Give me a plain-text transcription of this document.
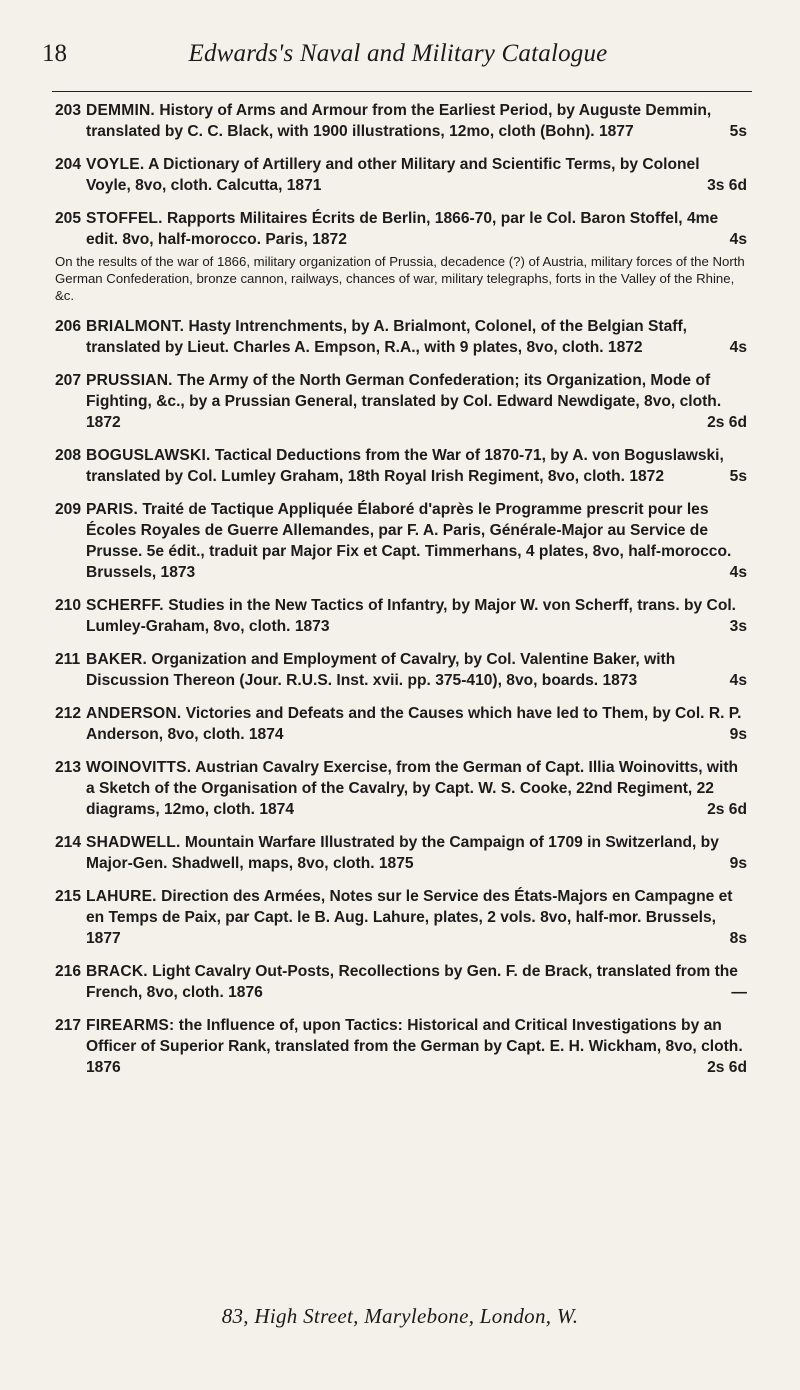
18	Edwards's Naval and Military Catalogue
203 DEMMIN. History of Arms and Armour from the Earliest Period, by Auguste Demmin, translated by C. C. Black, with 1900 illustrations, 12mo, cloth (Bohn). 1877	5s
204 VOYLE. A Dictionary of Artillery and other Military and Scientific Terms, by Colonel Voyle, 8vo, cloth. Calcutta, 1871	3s 6d
205 STOFFEL. Rapports Militaires Écrits de Berlin, 1866-70, par le Col. Baron Stoffel, 4me edit. 8vo, half-morocco. Paris, 1872	4s
On the results of the war of 1866, military organization of Prussia, decadence (?) of Austria, military forces of the North German Confederation, bronze cannon, railways, chances of war, military telegraphs, forts in the Valley of the Rhine, &c.
206 BRIALMONT. Hasty Intrenchments, by A. Brialmont, Colonel, of the Belgian Staff, translated by Lieut. Charles A. Empson, R.A., with 9 plates, 8vo, cloth. 1872	4s
207 PRUSSIAN. The Army of the North German Confederation; its Organization, Mode of Fighting, &c., by a Prussian General, translated by Col. Edward Newdigate, 8vo, cloth. 1872	2s 6d
208 BOGUSLAWSKI. Tactical Deductions from the War of 1870-71, by A. von Boguslawski, translated by Col. Lumley Graham, 18th Royal Irish Regiment, 8vo, cloth. 1872	5s
209 PARIS. Traité de Tactique Appliquée Élaboré d'après le Programme prescrit pour les Écoles Royales de Guerre Allemandes, par F. A. Paris, Générale-Major au Service de Prusse. 5e édit., traduit par Major Fix et Capt. Timmerhans, 4 plates, 8vo, half-morocco. Brussels, 1873	4s
210 SCHERFF. Studies in the New Tactics of Infantry, by Major W. von Scherff, trans. by Col. Lumley-Graham, 8vo, cloth. 1873	3s
211 BAKER. Organization and Employment of Cavalry, by Col. Valentine Baker, with Discussion Thereon (Jour. R.U.S. Inst. xvii. pp. 375-410), 8vo, boards. 1873	4s
212 ANDERSON. Victories and Defeats and the Causes which have led to Them, by Col. R. P. Anderson, 8vo, cloth. 1874	9s
213 WOINOVITTS. Austrian Cavalry Exercise, from the German of Capt. Illia Woinovitts, with a Sketch of the Organisation of the Cavalry, by Capt. W. S. Cooke, 22nd Regiment, 22 diagrams, 12mo, cloth. 1874	2s 6d
214 SHADWELL. Mountain Warfare Illustrated by the Campaign of 1709 in Switzerland, by Major-Gen. Shadwell, maps, 8vo, cloth. 1875	9s
215 LAHURE. Direction des Armées, Notes sur le Service des États-Majors en Campagne et en Temps de Paix, par Capt. le B. Aug. Lahure, plates, 2 vols. 8vo, half-mor. Brussels, 1877	8s
216 BRACK. Light Cavalry Out-Posts, Recollections by Gen. F. de Brack, translated from the French, 8vo, cloth. 1876	—
217 FIREARMS: the Influence of, upon Tactics: Historical and Critical Investigations by an Officer of Superior Rank, translated from the German by Capt. E. H. Wickham, 8vo, cloth. 1876	2s 6d
83, High Street, Marylebone, London, W.
